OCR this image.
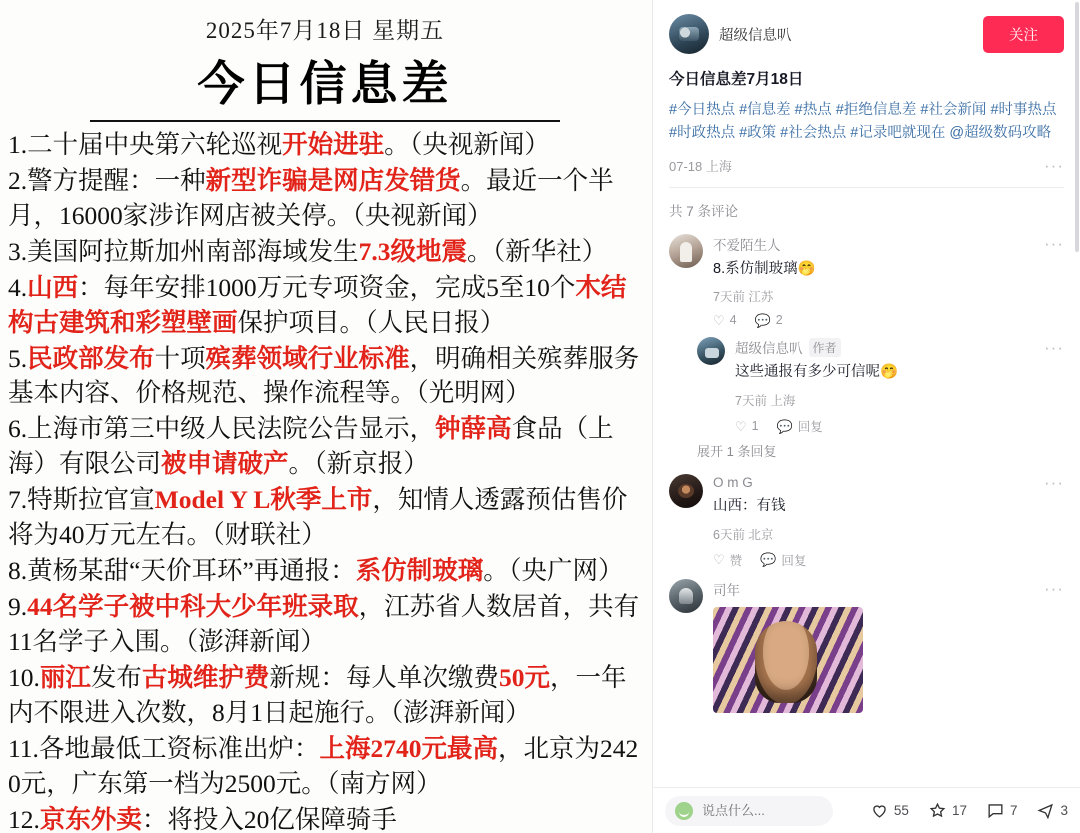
2025年7月18日 星期五
今日信息差
1.二十届中央第六轮巡视开始进驻。（央视新闻）
2.警方提醒：一种新型诈骗是网店发错货。最近一个半月，16000家涉诈网店被关停。（央视新闻）
3.美国阿拉斯加州南部海域发生7.3级地震。（新华社）
4.山西：每年安排1000万元专项资金，完成5至10个木结构古建筑和彩塑壁画保护项目。（人民日报）
5.民政部发布十项殡葬领域行业标准，明确相关殡葬服务基本内容、价格规范、操作流程等。（光明网）
6.上海市第三中级人民法院公告显示，钟薛高食品（上海）有限公司被申请破产。（新京报）
7.特斯拉官宣Model Y L秋季上市，知情人透露预估售价将为40万元左右。（财联社）
8.黄杨某甜“天价耳环”再通报：系仿制玻璃。（央广网）
9.44名学子被中科大少年班录取，江苏省人数居首，共有11名学子入围。（澎湃新闻）
10.丽江发布古城维护费新规：每人单次缴费50元，一年内不限进入次数，8月1日起施行。（澎湃新闻）
11.各地最低工资标准出炉：上海2740元最高，北京为2420元，广东第一档为2500元。（南方网）
12.京东外卖：将投入20亿保障骑手
超级信息叭	关注
今日信息差7月18日
#今日热点 #信息差 #热点 #拒绝信息差 #社会新闻 #时事热点 #时政热点 #政策 #社会热点 #记录吧就现在 @超级数码攻略
07-18 上海	···
共 7 条评论
不爱陌生人	···
8.系仿制玻璃🤭
7天前 江苏
♡ 4 💬 2
超级信息叭 作者	···
这些通报有多少可信呢🤭
7天前 上海
♡ 1 💬 回复
展开 1 条回复
O m G	···
山西：有钱
6天前 北京
♡ 赞 💬 回复
司年	···
说点什么...
55	17	7	3
